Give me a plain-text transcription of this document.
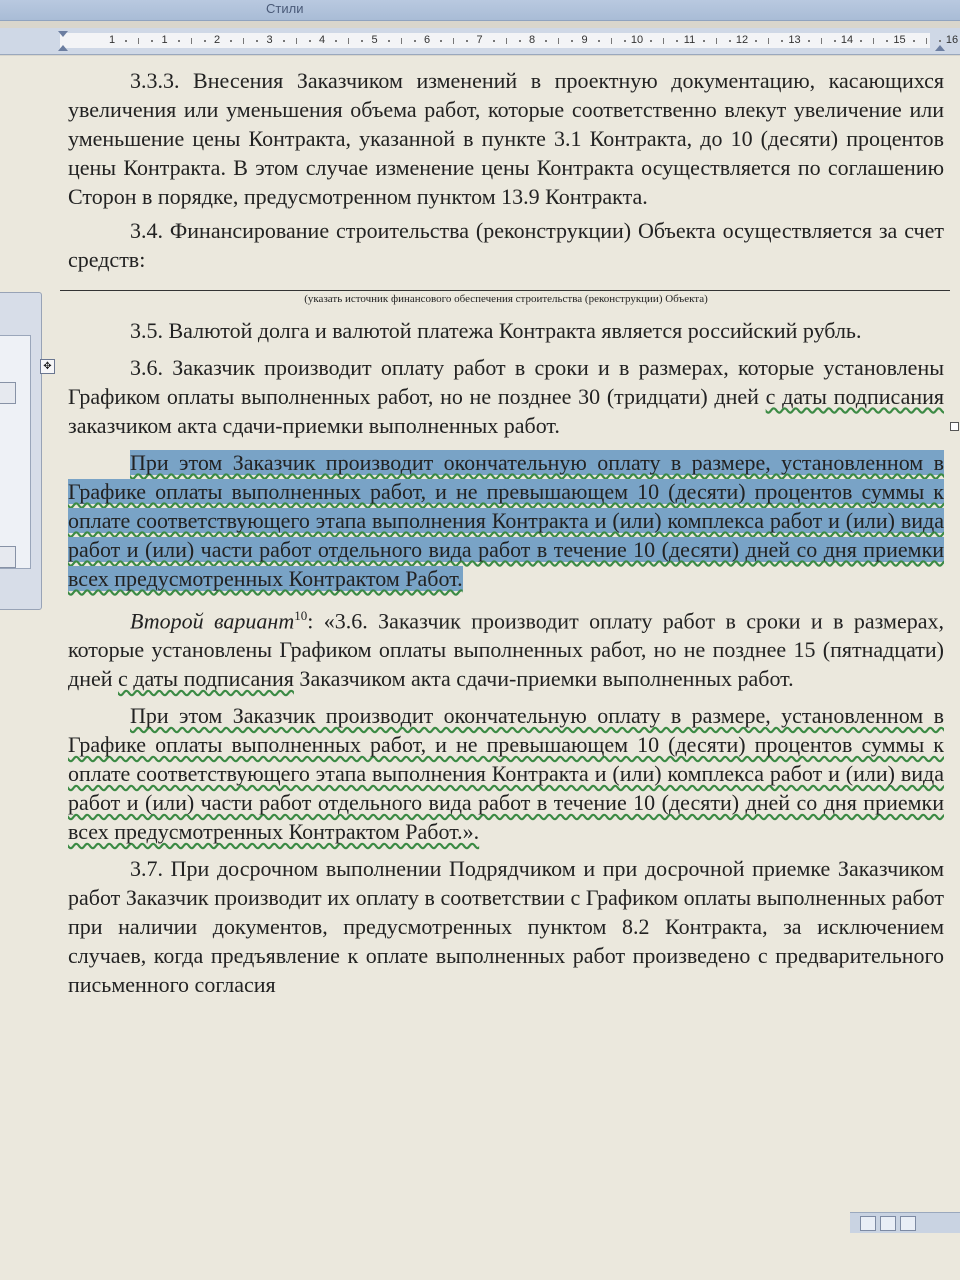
Стили
1	1	2	3	4	5	6	7	8	9	10	11	12	13	14	15	16

3.3.3. Внесения Заказчиком изменений в проектную документацию, касающихся увеличения или уменьшения объема работ, которые соответственно влекут увеличение или уменьшение цены Контракта, указанной в пункте 3.1 Контракта, до 10 (десяти) процентов цены Контракта. В этом случае изменение цены Контракта осуществляется по соглашению Сторон в порядке, предусмотренном пунктом 13.9 Контракта.

3.4. Финансирование строительства (реконструкции) Объекта осуществляется за счет средств:

(указать источник финансового обеспечения строительства (реконструкции) Объекта)

3.5. Валютой долга и валютой платежа Контракта является российский рубль.

3.6. Заказчик производит оплату работ в сроки и в размерах, которые установлены Графиком оплаты выполненных работ, но не позднее 30 (тридцати) дней с даты подписания заказчиком акта сдачи-приемки выполненных работ.

При этом Заказчик производит окончательную оплату в размере, установленном в Графике оплаты выполненных работ, и не превышающем 10 (десяти) процентов суммы к оплате соответствующего этапа выполнения Контракта и (или) комплекса работ и (или) вида работ и (или) части работ отдельного вида работ в течение 10 (десяти) дней со дня приемки всех предусмотренных Контрактом Работ.

Второй вариант$^{10}$: «3.6. Заказчик производит оплату работ в сроки и в размерах, которые установлены Графиком оплаты выполненных работ, но не позднее 15 (пятнадцати) дней с даты подписания Заказчиком акта сдачи-приемки выполненных работ.

При этом Заказчик производит окончательную оплату в размере, установленном в Графике оплаты выполненных работ, и не превышающем 10 (десяти) процентов суммы к оплате соответствующего этапа выполнения Контракта и (или) комплекса работ и (или) вида работ и (или) части работ отдельного вида работ в течение 10 (десяти) дней со дня приемки всех предусмотренных Контрактом Работ.».

3.7. При досрочном выполнении Подрядчиком и при досрочной приемке Заказчиком работ Заказчик производит их оплату в соответствии с Графиком оплаты выполненных работ при наличии документов, предусмотренных пунктом 8.2 Контракта, за исключением случаев, когда предъявление к оплате выполненных работ произведено с предварительного письменного согласия

✥
